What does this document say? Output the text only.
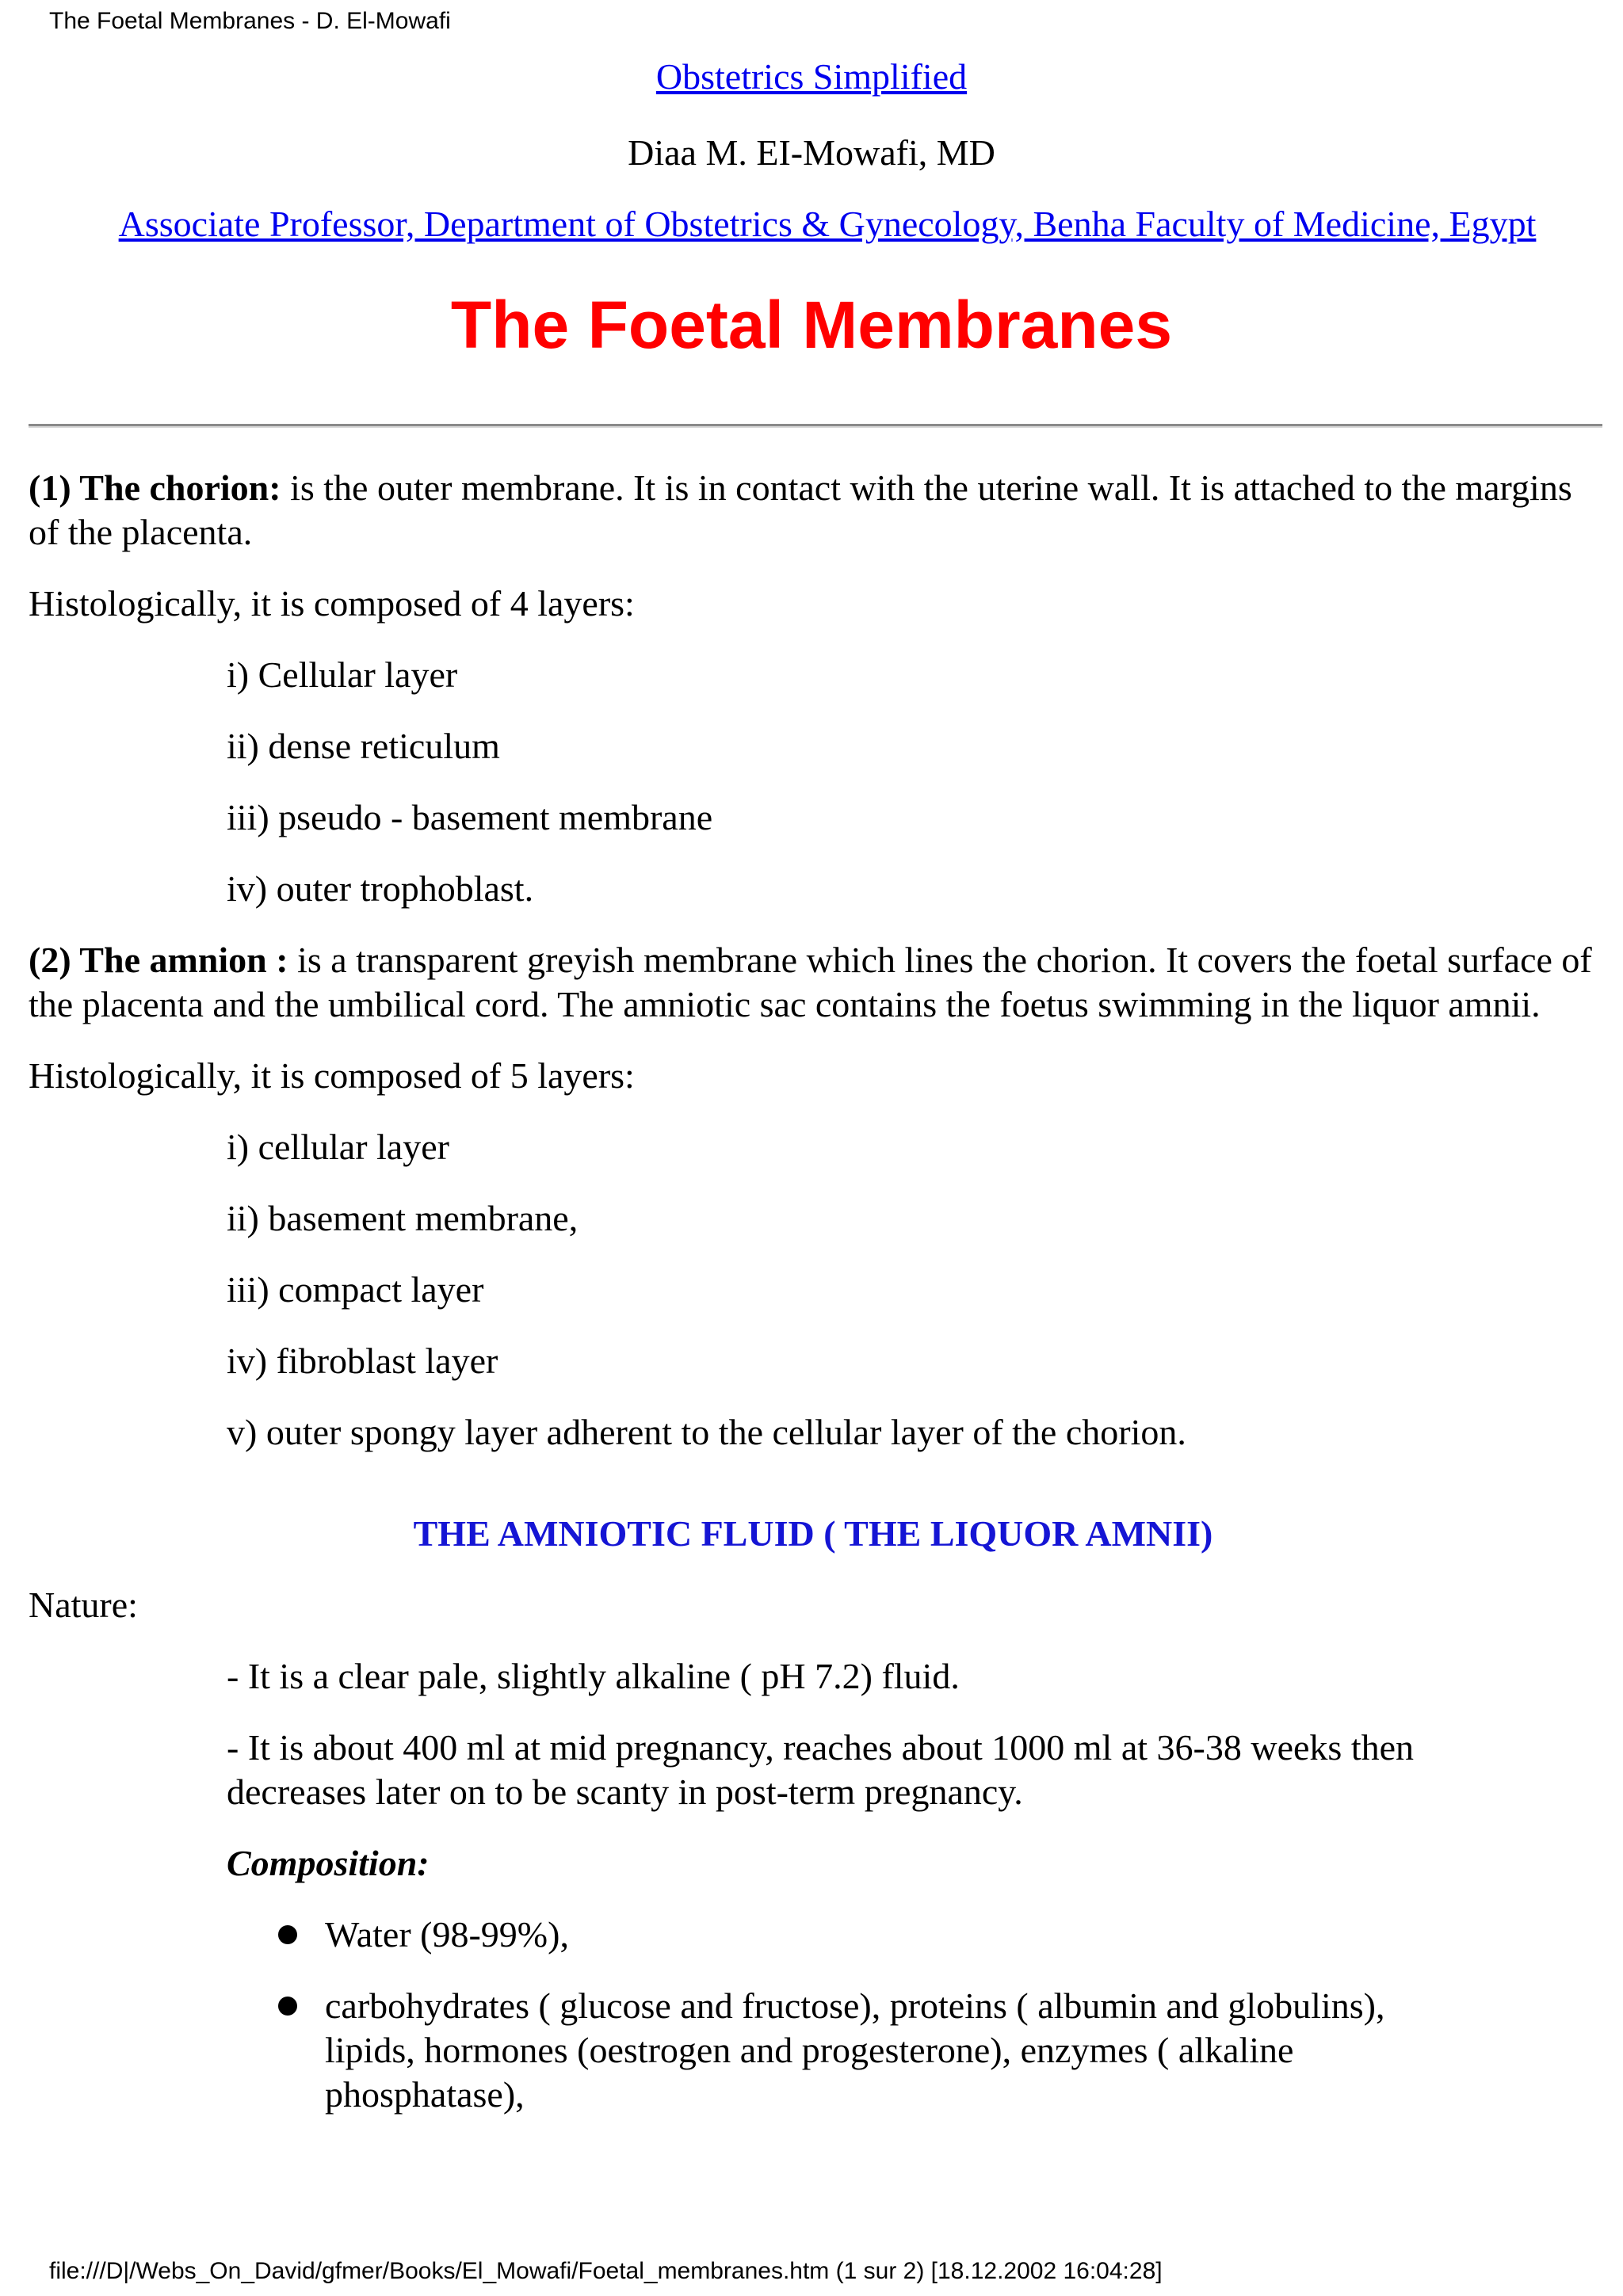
The Foetal Membranes - D. El-Mowafi
Obstetrics Simplified
Diaa M. EI-Mowafi, MD
Associate Professor, Department of Obstetrics & Gynecology, Benha Faculty of Medicine, Egypt
The Foetal Membranes

(1) The chorion: is the outer membrane. It is in contact with the uterine wall. It is attached to the margins of the placenta.

Histologically, it is composed of 4 layers:

i) Cellular layer

ii) dense reticulum

iii) pseudo - basement membrane

iv) outer trophoblast.

(2) The amnion : is a transparent greyish membrane which lines the chorion. It covers the foetal surface of the placenta and the umbilical cord. The amniotic sac contains the foetus swimming in the liquor amnii.

Histologically, it is composed of 5 layers:

i) cellular layer

ii) basement membrane,

iii) compact layer

iv) fibroblast layer

v) outer spongy layer adherent to the cellular layer of the chorion.

THE AMNIOTIC FLUID ( THE LIQUOR AMNII)

Nature:

- It is a clear pale, slightly alkaline ( pH 7.2) fluid.

- It is about 400 ml at mid pregnancy, reaches about 1000 ml at 36-38 weeks then decreases later on to be scanty in post-term pregnancy.

Composition:

Water (98-99%),
carbohydrates ( glucose and fructose), proteins ( albumin and globulins), lipids, hormones (oestrogen and progesterone), enzymes ( alkaline phosphatase),
file:///D|/Webs_On_David/gfmer/Books/El_Mowafi/Foetal_membranes.htm (1 sur 2) [18.12.2002 16:04:28]
